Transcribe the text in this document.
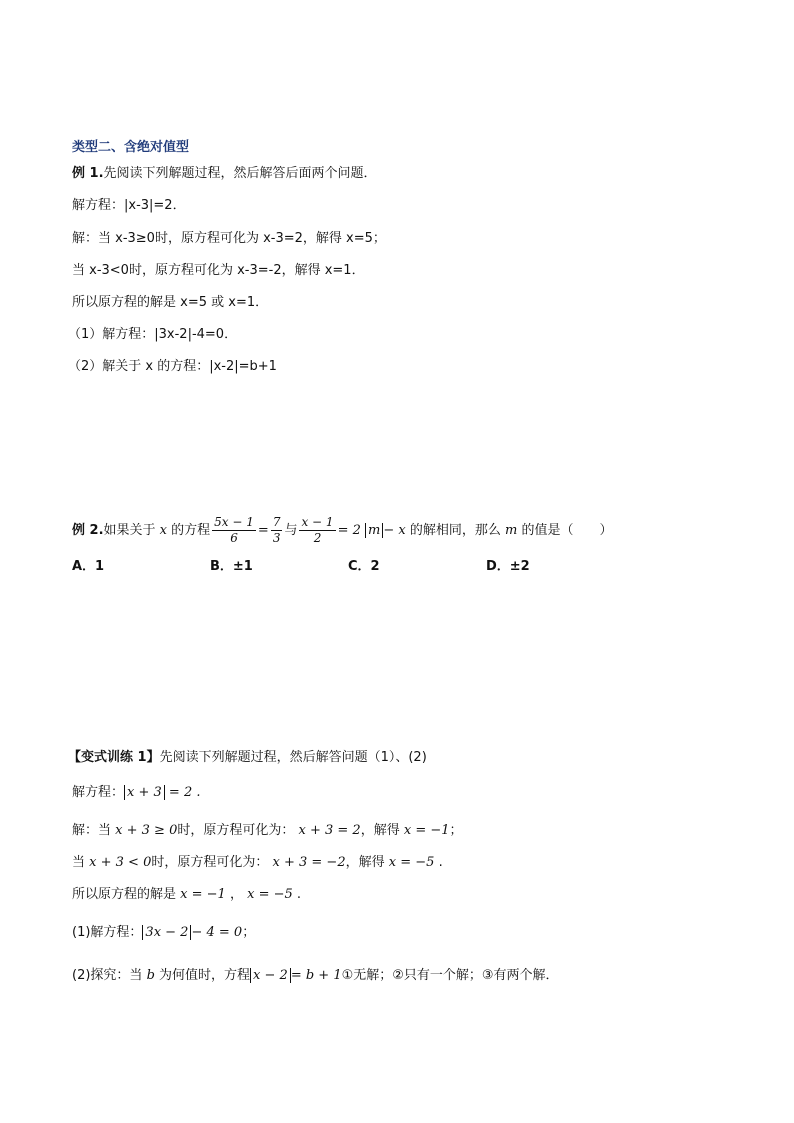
类型二、含绝对值型
例 1.先阅读下列解题过程，然后解答后面两个问题．
解方程：|x-3|=2．
解：当 x-3≥0时，原方程可化为 x-3=2，解得 x=5；
当 x-3<0时，原方程可化为 x-3=-2，解得 x=1．
所以原方程的解是 x=5 或 x=1．
（1）解方程：|3x-2|-4=0．
（2）解关于 x 的方程：|x-2|=b+1
例 2.如果关于 x 的方程 $\frac{5x - 1}{6} = \frac{7}{3}$ 与 $\frac{x - 1}{2} = 2$ m − x 的解相同，那么 m 的值是（　　）
A．1	B．±1	C．2	D．±2
【变式训练 1】先阅读下列解题过程，然后解答问题（1）、(2)
解方程： x + 3 = 2 .
解：当 x + 3 ≥ 0时，原方程可化为： x + 3 = 2，解得 x = −1；
当 x + 3 < 0时，原方程可化为： x + 3 = −2，解得 x = −5 .
所以原方程的解是 x = −1 ， x = −5 .
(1)解方程： 3x − 2 − 4 = 0；
(2)探究：当 b 为何值时，方程 x − 2 = b + 1①无解；②只有一个解；③有两个解．
